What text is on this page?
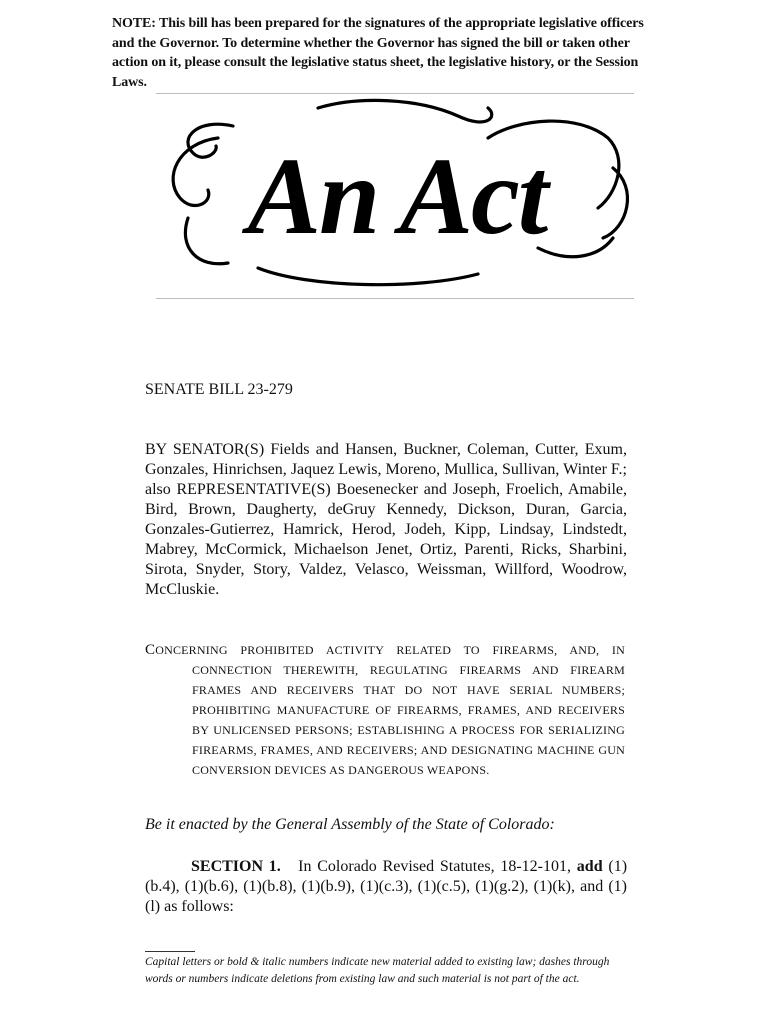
NOTE: This bill has been prepared for the signatures of the appropriate legislative officers and the Governor. To determine whether the Governor has signed the bill or taken other action on it, please consult the legislative status sheet, the legislative history, or the Session Laws.
An Act
SENATE BILL 23-279
BY SENATOR(S) Fields and Hansen, Buckner, Coleman, Cutter, Exum, Gonzales, Hinrichsen, Jaquez Lewis, Moreno, Mullica, Sullivan, Winter F.; also REPRESENTATIVE(S) Boesenecker and Joseph, Froelich, Amabile, Bird, Brown, Daugherty, deGruy Kennedy, Dickson, Duran, Garcia, Gonzales-Gutierrez, Hamrick, Herod, Jodeh, Kipp, Lindsay, Lindstedt, Mabrey, McCormick, Michaelson Jenet, Ortiz, Parenti, Ricks, Sharbini, Sirota, Snyder, Story, Valdez, Velasco, Weissman, Willford, Woodrow, McCluskie.
CONCERNING PROHIBITED ACTIVITY RELATED TO FIREARMS, AND, IN CONNECTION THEREWITH, REGULATING FIREARMS AND FIREARM FRAMES AND RECEIVERS THAT DO NOT HAVE SERIAL NUMBERS; PROHIBITING MANUFACTURE OF FIREARMS, FRAMES, AND RECEIVERS BY UNLICENSED PERSONS; ESTABLISHING A PROCESS FOR SERIALIZING FIREARMS, FRAMES, AND RECEIVERS; AND DESIGNATING MACHINE GUN CONVERSION DEVICES AS DANGEROUS WEAPONS.
Be it enacted by the General Assembly of the State of Colorado:
SECTION 1. In Colorado Revised Statutes, 18-12-101, add (1)(b.4), (1)(b.6), (1)(b.8), (1)(b.9), (1)(c.3), (1)(c.5), (1)(g.2), (1)(k), and (1)(l) as follows:
Capital letters or bold & italic numbers indicate new material added to existing law; dashes through words or numbers indicate deletions from existing law and such material is not part of the act.
